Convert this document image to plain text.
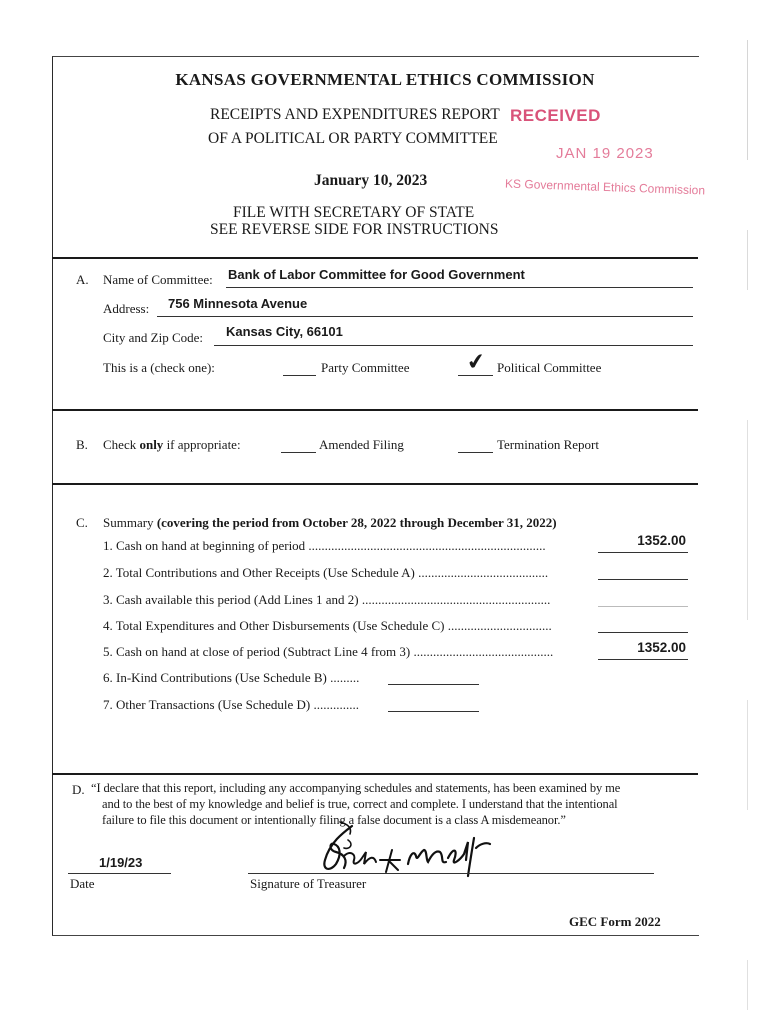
KANSAS GOVERNMENTAL ETHICS COMMISSION
RECEIPTS AND EXPENDITURES REPORT
OF A POLITICAL OR PARTY COMMITTEE
January 10, 2023
FILE WITH SECRETARY OF STATE
SEE REVERSE SIDE FOR INSTRUCTIONS
RECEIVED
JAN 19 2023
KS Governmental Ethics Commission
A. Name of Committee: Bank of Labor Committee for Good Government
Address: 756 Minnesota Avenue
City and Zip Code: Kansas City, 66101
This is a (check one):	Party Committee	✔ Political Committee
B. Check only if appropriate:	Amended Filing	Termination Report
C. Summary (covering the period from October 28, 2022 through December 31, 2022)
1. Cash on hand at beginning of period .........................................................................	1352.00
2. Total Contributions and Other Receipts (Use Schedule A) ........................................
3. Cash available this period (Add Lines 1 and 2) ..........................................................
4. Total Expenditures and Other Disbursements (Use Schedule C) ................................
5. Cash on hand at close of period (Subtract Line 4 from 3) ...........................................	1352.00
6. In-Kind Contributions (Use Schedule B) .........
7. Other Transactions (Use Schedule D) ..............
D. “I declare that this report, including any accompanying schedules and statements, has been examined by me
and to the best of my knowledge and belief is true, correct and complete. I understand that the intentional
failure to file this document or intentionally filing a false document is a class A misdemeanor.”
1/19/23
Date	Signature of Treasurer
GEC Form 2022
